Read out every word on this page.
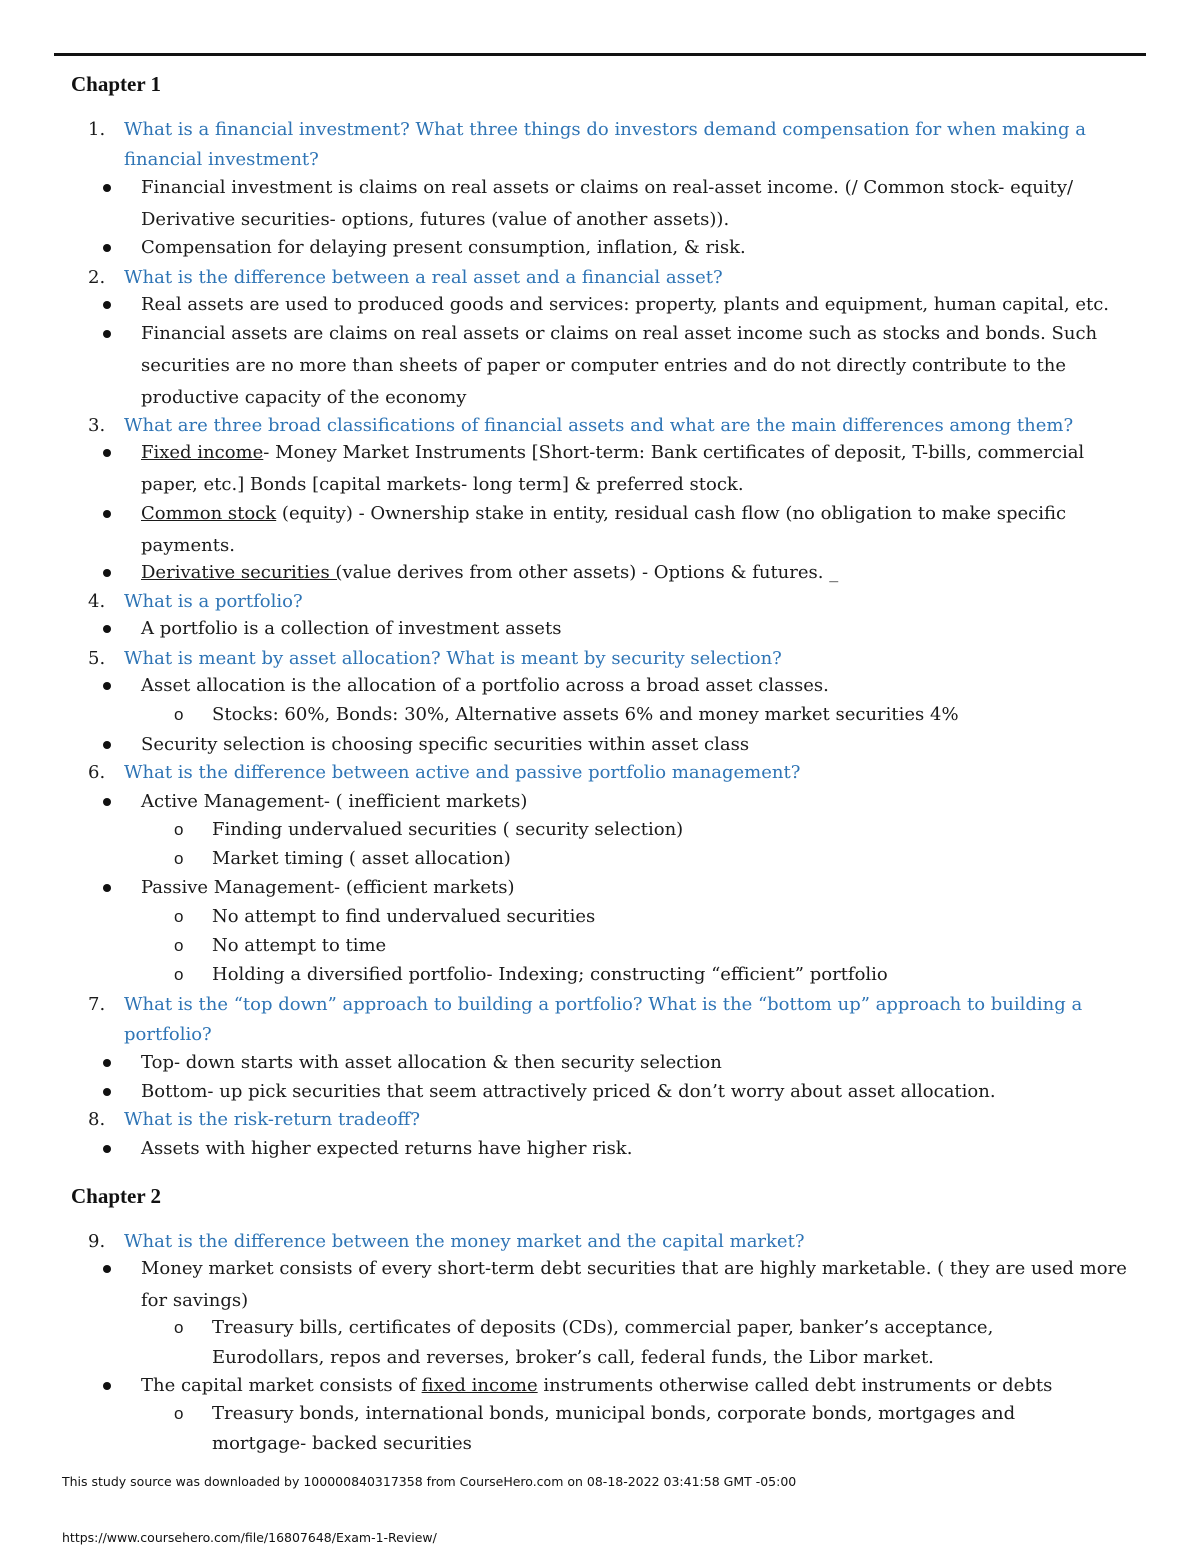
Chapter 1
1.	What is a financial investment? What three things do investors demand compensation for when making a financial investment?
Financial investment is claims on real assets or claims on real-asset income. (/ Common stock- equity/ Derivative securities- options, futures (value of another assets)).
Compensation for delaying present consumption, inflation, & risk.
2.	What is the difference between a real asset and a financial asset?
Real assets are used to produced goods and services: property, plants and equipment, human capital, etc.
Financial assets are claims on real assets or claims on real asset income such as stocks and bonds. Such securities are no more than sheets of paper or computer entries and do not directly contribute to the productive capacity of the economy
3.	What are three broad classifications of financial assets and what are the main differences among them?
Fixed income- Money Market Instruments [Short-term: Bank certificates of deposit, T-bills, commercial paper, etc.] Bonds [capital markets- long term] & preferred stock.
Common stock (equity) - Ownership stake in entity, residual cash flow (no obligation to make specific payments.
Derivative securities (value derives from other assets) - Options & futures. _
4.	What is a portfolio?
A portfolio is a collection of investment assets
5.	What is meant by asset allocation? What is meant by security selection?
Asset allocation is the allocation of a portfolio across a broad asset classes.
o	Stocks: 60%, Bonds: 30%, Alternative assets 6% and money market securities 4%
Security selection is choosing specific securities within asset class
6.	What is the difference between active and passive portfolio management?
Active Management- ( inefficient markets)
o	Finding undervalued securities ( security selection)
o	Market timing ( asset allocation)
Passive Management- (efficient markets)
o	No attempt to find undervalued securities
o	No attempt to time
o	Holding a diversified portfolio- Indexing; constructing “efficient” portfolio
7.	What is the “top down” approach to building a portfolio? What is the “bottom up” approach to building a portfolio?
Top- down starts with asset allocation & then security selection
Bottom- up pick securities that seem attractively priced & don’t worry about asset allocation.
8.	What is the risk-return tradeoff?
Assets with higher expected returns have higher risk.
Chapter 2
9.	What is the difference between the money market and the capital market?
Money market consists of every short-term debt securities that are highly marketable. ( they are used more for savings)
o	Treasury bills, certificates of deposits (CDs), commercial paper, banker’s acceptance, Eurodollars, repos and reverses, broker’s call, federal funds, the Libor market.
The capital market consists of fixed income instruments otherwise called debt instruments or debts
o	Treasury bonds, international bonds, municipal bonds, corporate bonds, mortgages and mortgage- backed securities
This study source was downloaded by 100000840317358 from CourseHero.com on 08-18-2022 03:41:58 GMT -05:00
https://www.coursehero.com/file/16807648/Exam-1-Review/
